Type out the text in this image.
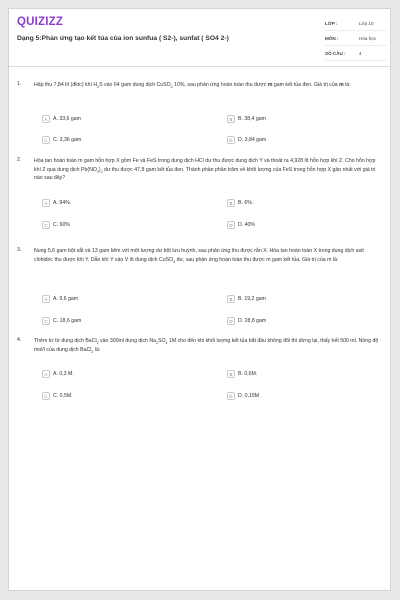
QUIZIZZ
Dạng 5:Phản ứng tạo kết tủa của ion sunfua ( S2-), sunfat ( SO4 2-)
LỚP :	Lớp 10
MÔN :	Hóa học
SỐ CÂU :	4
1. Hấp thụ 7,84 lít (đktc) khí $H_2S$ vào 64 gam dung dịch CuSO$_4$ 10%, sau phản ứng hoàn toàn thu được m gam kết tủa đen. Giá trị của m là:
A	A. 33,6 gam	B	B. 38,4 gam
C	C. 3,36 gam	D	D. 3,84 gam
2. Hòa tan hoàn toàn m gam hỗn hợp X gồm Fe và FeS trong dung dịch HCl dư thu được dung dịch Y và thoát ra 4,928 lít hỗn hợp khí Z. Cho hỗn hợp khí Z qua dung dịch $Pb(NO_3)_2$ dư thu được 47,8 gam kết tủa đen. Thành phần phần trăm về khối lượng của FeS trong hỗn hợp X gần nhất với giá trị nào sau đây?
A	A. 94%.	B	B. 6%.
C	C. 60%	D	D. 40%
3. Nung 5,6 gam bột sắt và 13 gam kẽm với một lượng dư bột lưu huỳnh, sau phản ứng thu được rắn X. Hòa tan hoàn toàn X trong dung dịch axit clohidric thu được khí Y. Dẫn khí Y vào V lít dung dịch CuSO$_4$ dư, sau phản ứng hoàn toàn thu được m gam kết tủa. Giá trị của m là:
A	A. 9,6 gam	B	B. 19,2 gam
C	C. 18,6 gam	D	D. 28,8 gam
4. Thêm từ từ dung dịch BaCl$_2$ vào 300ml dung dịch $Na_2SO_4$ 1M cho đến khi khối lượng kết tủa bắt đầu không đổi thì dừng lại, thấy hết 500 ml. Nồng độ mol/l của dung dịch BaCl$_2$ là:
A	A. 0,3 M.	B	B. 0,6M.
C	C. 0,5M.	D	D. 0,15M
